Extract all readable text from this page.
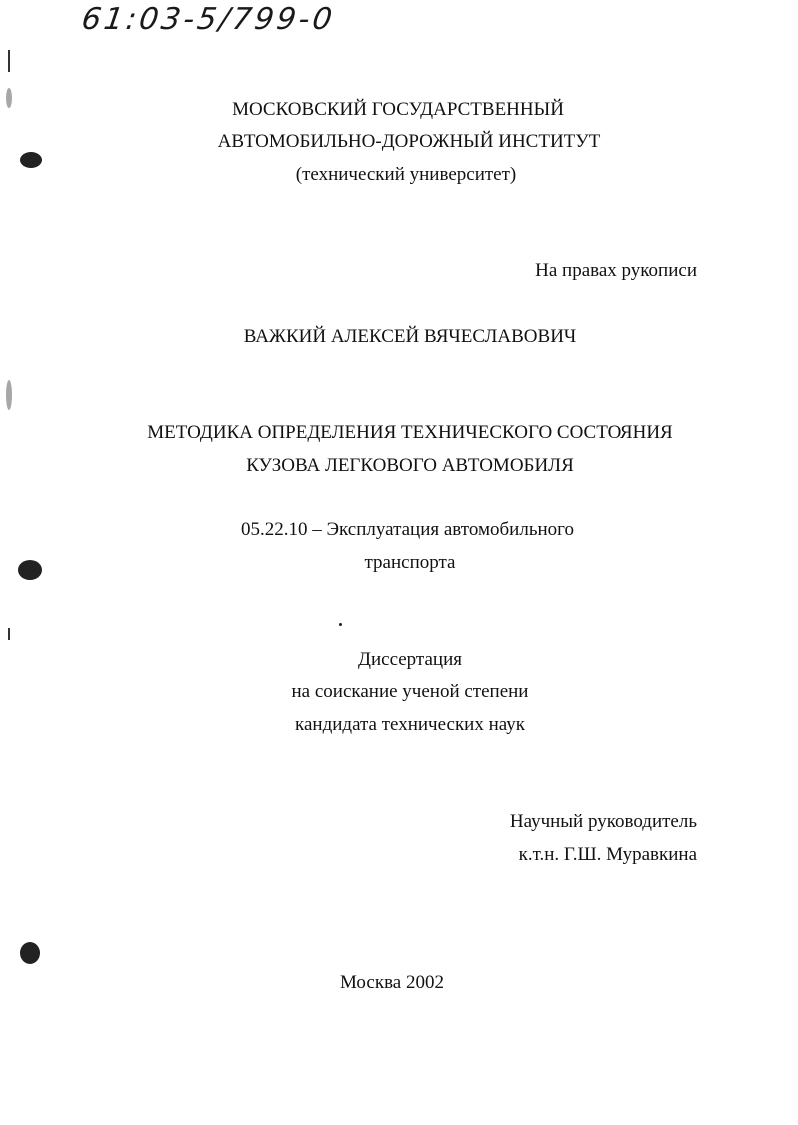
61:03-5/799-0
МОСКОВСКИЙ ГОСУДАРСТВЕННЫЙ
АВТОМОБИЛЬНО-ДОРОЖНЫЙ ИНСТИТУТ
(технический университет)
На правах рукописи
ВАЖКИЙ АЛЕКСЕЙ ВЯЧЕСЛАВОВИЧ
МЕТОДИКА ОПРЕДЕЛЕНИЯ ТЕХНИЧЕСКОГО СОСТОЯНИЯ
КУЗОВА ЛЕГКОВОГО АВТОМОБИЛЯ
05.22.10 – Эксплуатация автомобильного
транспорта
Диссертация
на соискание ученой степени
кандидата технических наук
Научный руководитель
к.т.н. Г.Ш. Муравкина
Москва 2002
